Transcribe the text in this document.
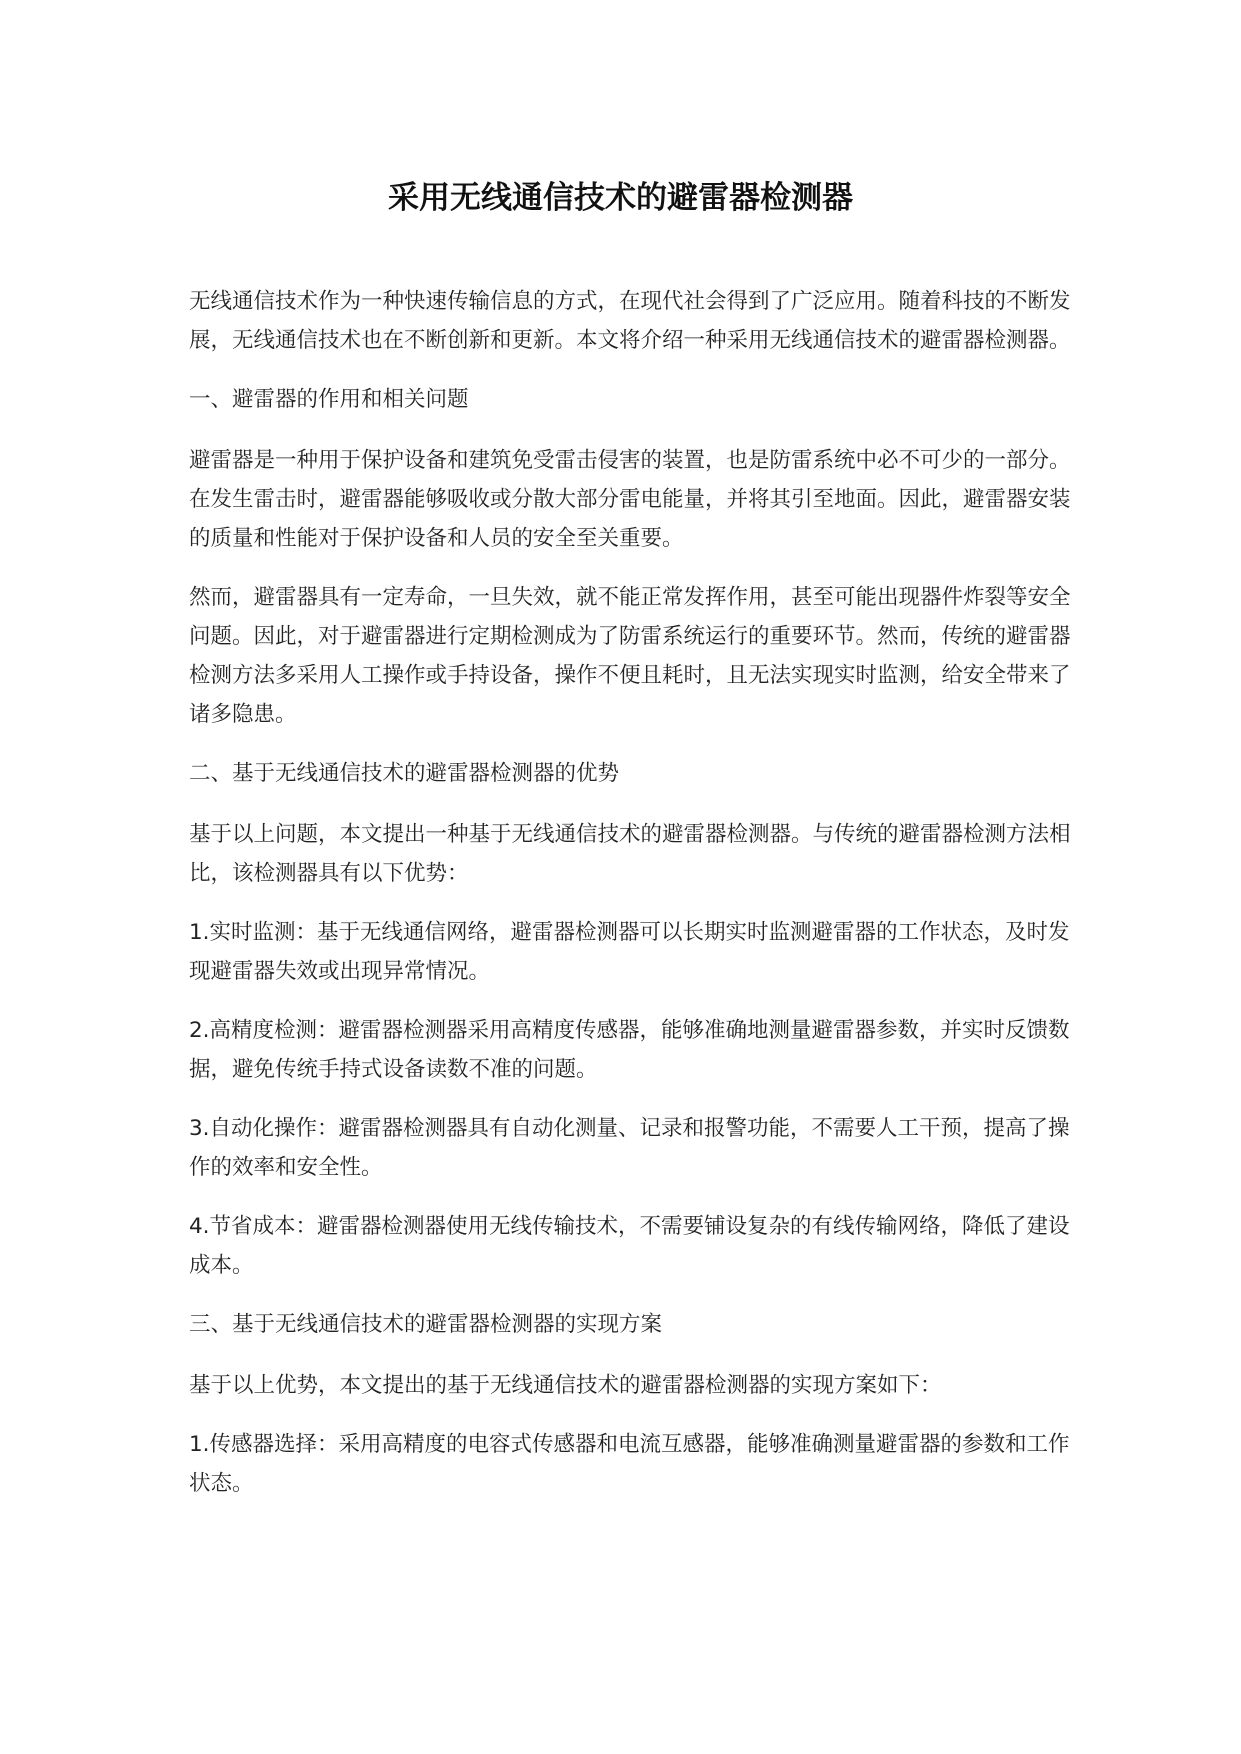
采用无线通信技术的避雷器检测器

无线通信技术作为一种快速传输信息的方式，在现代社会得到了广泛应用。随着科技的不断发展，无线通信技术也在不断创新和更新。本文将介绍一种采用无线通信技术的避雷器检测器。

一、避雷器的作用和相关问题

避雷器是一种用于保护设备和建筑免受雷击侵害的装置，也是防雷系统中必不可少的一部分。在发生雷击时，避雷器能够吸收或分散大部分雷电能量，并将其引至地面。因此，避雷器安装的质量和性能对于保护设备和人员的安全至关重要。

然而，避雷器具有一定寿命，一旦失效，就不能正常发挥作用，甚至可能出现器件炸裂等安全问题。因此，对于避雷器进行定期检测成为了防雷系统运行的重要环节。然而，传统的避雷器检测方法多采用人工操作或手持设备，操作不便且耗时，且无法实现实时监测，给安全带来了诸多隐患。

二、基于无线通信技术的避雷器检测器的优势

基于以上问题，本文提出一种基于无线通信技术的避雷器检测器。与传统的避雷器检测方法相比，该检测器具有以下优势：

1.实时监测：基于无线通信网络，避雷器检测器可以长期实时监测避雷器的工作状态，及时发现避雷器失效或出现异常情况。

2.高精度检测：避雷器检测器采用高精度传感器，能够准确地测量避雷器参数，并实时反馈数据，避免传统手持式设备读数不准的问题。

3.自动化操作：避雷器检测器具有自动化测量、记录和报警功能，不需要人工干预，提高了操作的效率和安全性。

4.节省成本：避雷器检测器使用无线传输技术，不需要铺设复杂的有线传输网络，降低了建设成本。

三、基于无线通信技术的避雷器检测器的实现方案

基于以上优势，本文提出的基于无线通信技术的避雷器检测器的实现方案如下：

1.传感器选择：采用高精度的电容式传感器和电流互感器，能够准确测量避雷器的参数和工作状态。
